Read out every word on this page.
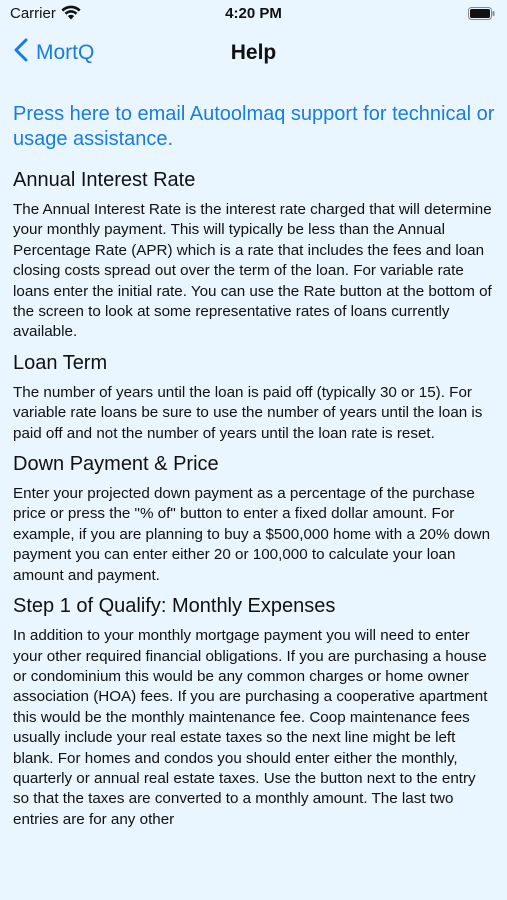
Carrier	4:20 PM
MortQ	Help
Press here to email Autoolmaq support for technical or usage assistance.
Annual Interest Rate
The Annual Interest Rate is the interest rate charged that will determine your monthly payment. This will typically be less than the Annual Percentage Rate (APR) which is a rate that includes the fees and loan closing costs spread out over the term of the loan. For variable rate loans enter the initial rate. You can use the Rate button at the bottom of the screen to look at some representative rates of loans currently available.
Loan Term
The number of years until the loan is paid off (typically 30 or 15). For variable rate loans be sure to use the number of years until the loan is paid off and not the number of years until the loan rate is reset.
Down Payment & Price
Enter your projected down payment as a percentage of the purchase price or press the "% of" button to enter a fixed dollar amount. For example, if you are planning to buy a $500,000 home with a 20% down payment you can enter either 20 or 100,000 to calculate your loan amount and payment.
Step 1 of Qualify: Monthly Expenses
In addition to your monthly mortgage payment you will need to enter your other required financial obligations. If you are purchasing a house or condominium this would be any common charges or home owner association (HOA) fees. If you are purchasing a cooperative apartment this would be the monthly maintenance fee. Coop maintenance fees usually include your real estate taxes so the next line might be left blank. For homes and condos you should enter either the monthly, quarterly or annual real estate taxes. Use the button next to the entry so that the taxes are converted to a monthly amount. The last two entries are for any other
